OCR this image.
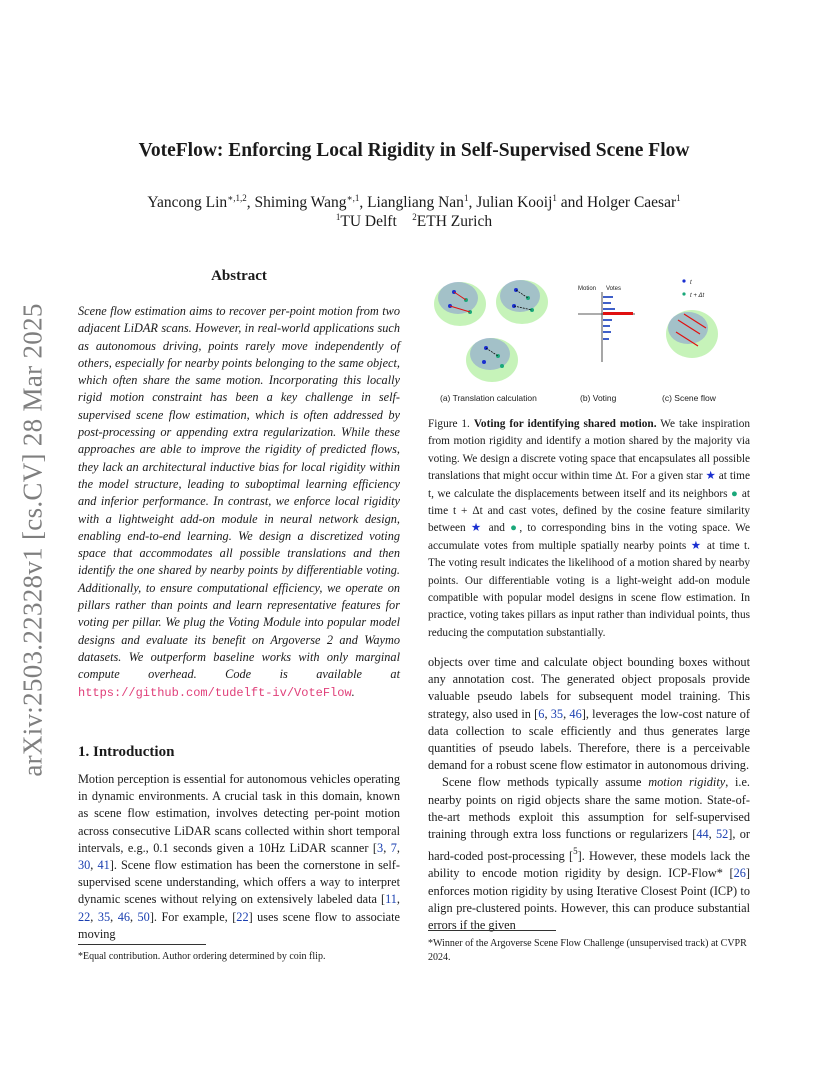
arXiv:2503.22328v1 [cs.CV] 28 Mar 2025
VoteFlow: Enforcing Local Rigidity in Self-Supervised Scene Flow
Yancong Lin$^{∗,1,2}$, Shiming Wang$^{∗,1}$, Liangliang Nan$^1$, Julian Kooij$^1$ and Holger Caesar$^1$
$^1$TU Delft  $^2$ETH Zurich
Abstract
Scene flow estimation aims to recover per-point motion from two adjacent LiDAR scans. However, in real-world applications such as autonomous driving, points rarely move independently of others, especially for nearby points belonging to the same object, which often share the same motion. Incorporating this locally rigid motion constraint has been a key challenge in self-supervised scene flow estimation, which is often addressed by post-processing or appending extra regularization. While these approaches are able to improve the rigidity of predicted flows, they lack an architectural inductive bias for local rigidity within the model structure, leading to suboptimal learning efficiency and inferior performance. In contrast, we enforce local rigidity with a lightweight add-on module in neural network design, enabling end-to-end learning. We design a discretized voting space that accommodates all possible translations and then identify the one shared by nearby points by differentiable voting. Additionally, to ensure computational efficiency, we operate on pillars rather than points and learn representative features for voting per pillar. We plug the Voting Module into popular model designs and evaluate its benefit on Argoverse 2 and Waymo datasets. We outperform baseline works with only marginal compute overhead. Code is available at https://github.com/tudelft-iv/VoteFlow.
1. Introduction
Motion perception is essential for autonomous vehicles operating in dynamic environments. A crucial task in this domain, known as scene flow estimation, involves detecting per-point motion across consecutive LiDAR scans collected within short temporal intervals, e.g., 0.1 seconds given a 10Hz LiDAR scanner [3, 7, 30, 41]. Scene flow estimation has been the cornerstone in self-supervised scene understanding, which offers a way to interpret dynamic scenes without relying on extensively labeled data [11, 22, 35, 46, 50]. For example, [22] uses scene flow to associate moving
*Equal contribution. Author ordering determined by coin flip.
Motion Votes
t
t + Δt
(a) Translation calculation	(b) Voting	(c) Scene flow
Figure 1. Voting for identifying shared motion. We take inspiration from motion rigidity and identify a motion shared by the majority via voting. We design a discrete voting space that encapsulates all possible translations that might occur within time Δt. For a given star ★ at time t, we calculate the displacements between itself and its neighbors ● at time t + Δt and cast votes, defined by the cosine feature similarity between ★ and ●, to corresponding bins in the voting space. We accumulate votes from multiple spatially nearby points ★ at time t. The voting result indicates the likelihood of a motion shared by nearby points. Our differentiable voting is a light-weight add-on module compatible with popular model designs in scene flow estimation. In practice, voting takes pillars as input rather than individual points, thus reducing the computation substantially.

objects over time and calculate object bounding boxes without any annotation cost. The generated object proposals provide valuable pseudo labels for subsequent model training. This strategy, also used in [6, 35, 46], leverages the low-cost nature of data collection to scale efficiently and thus generates large quantities of pseudo labels. Therefore, there is a perceivable demand for a robust scene flow estimator in autonomous driving.

Scene flow methods typically assume motion rigidity, i.e. nearby points on rigid objects share the same motion. State-of-the-art methods exploit this assumption for self-supervised training through extra loss functions or regularizers [44, 52], or hard-coded post-processing [$^5$]. However, these models lack the ability to encode motion rigidity by design. ICP-Flow* [26] enforces motion rigidity by using Iterative Closest Point (ICP) to align pre-clustered points. However, this can produce substantial errors if the given

*Winner of the Argoverse Scene Flow Challenge (unsupervised track) at CVPR 2024.
